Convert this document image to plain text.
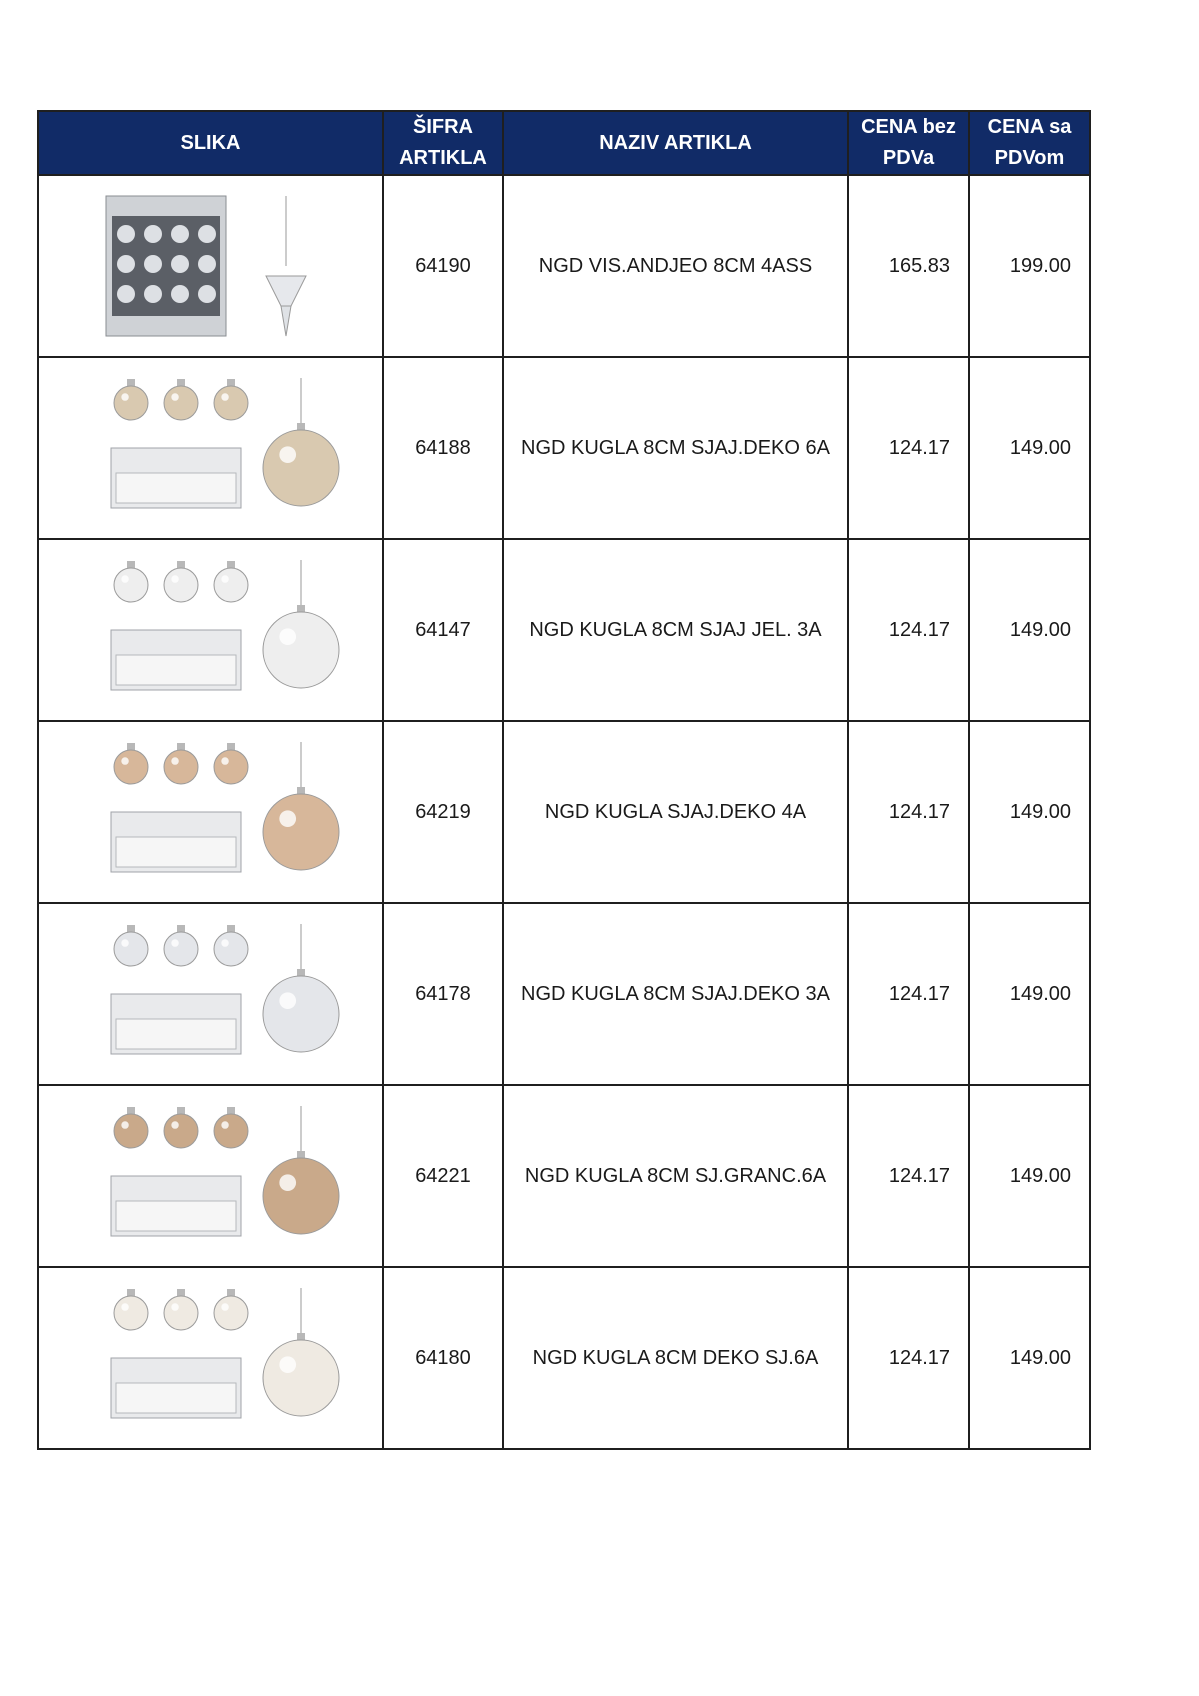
SLIKA	ŠIFRA ARTIKLA	NAZIV ARTIKLA	CENA bez PDVa	CENA sa PDVom

	64190	NGD VIS.ANDJEO 8CM 4ASS	165.83	199.00

	64188	NGD KUGLA 8CM SJAJ.DEKO 6A	124.17	149.00

	64147	NGD KUGLA 8CM SJAJ JEL. 3A	124.17	149.00

	64219	NGD KUGLA SJAJ.DEKO 4A	124.17	149.00

	64178	NGD KUGLA 8CM SJAJ.DEKO 3A	124.17	149.00

	64221	NGD KUGLA 8CM SJ.GRANC.6A	124.17	149.00

	64180	NGD KUGLA 8CM DEKO SJ.6A	124.17	149.00
